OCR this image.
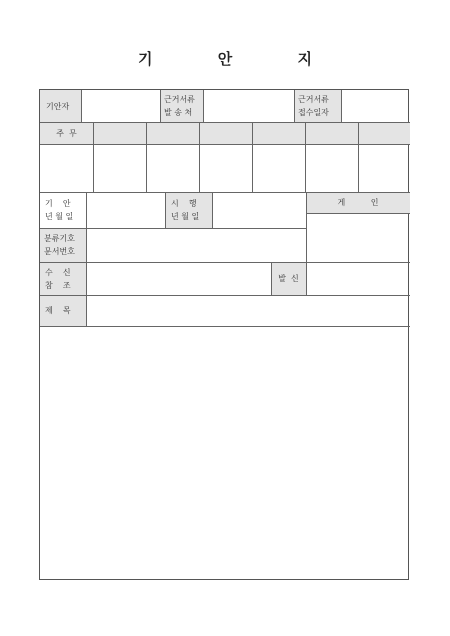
기 안 지
기안자
근거서류
발 송 처
근거서류
접수일자
주  무
기    안
년 월 일
시    행
년 월 일
게          인
분류기호
문서번호
수    신
참    조
발  신
제    목
